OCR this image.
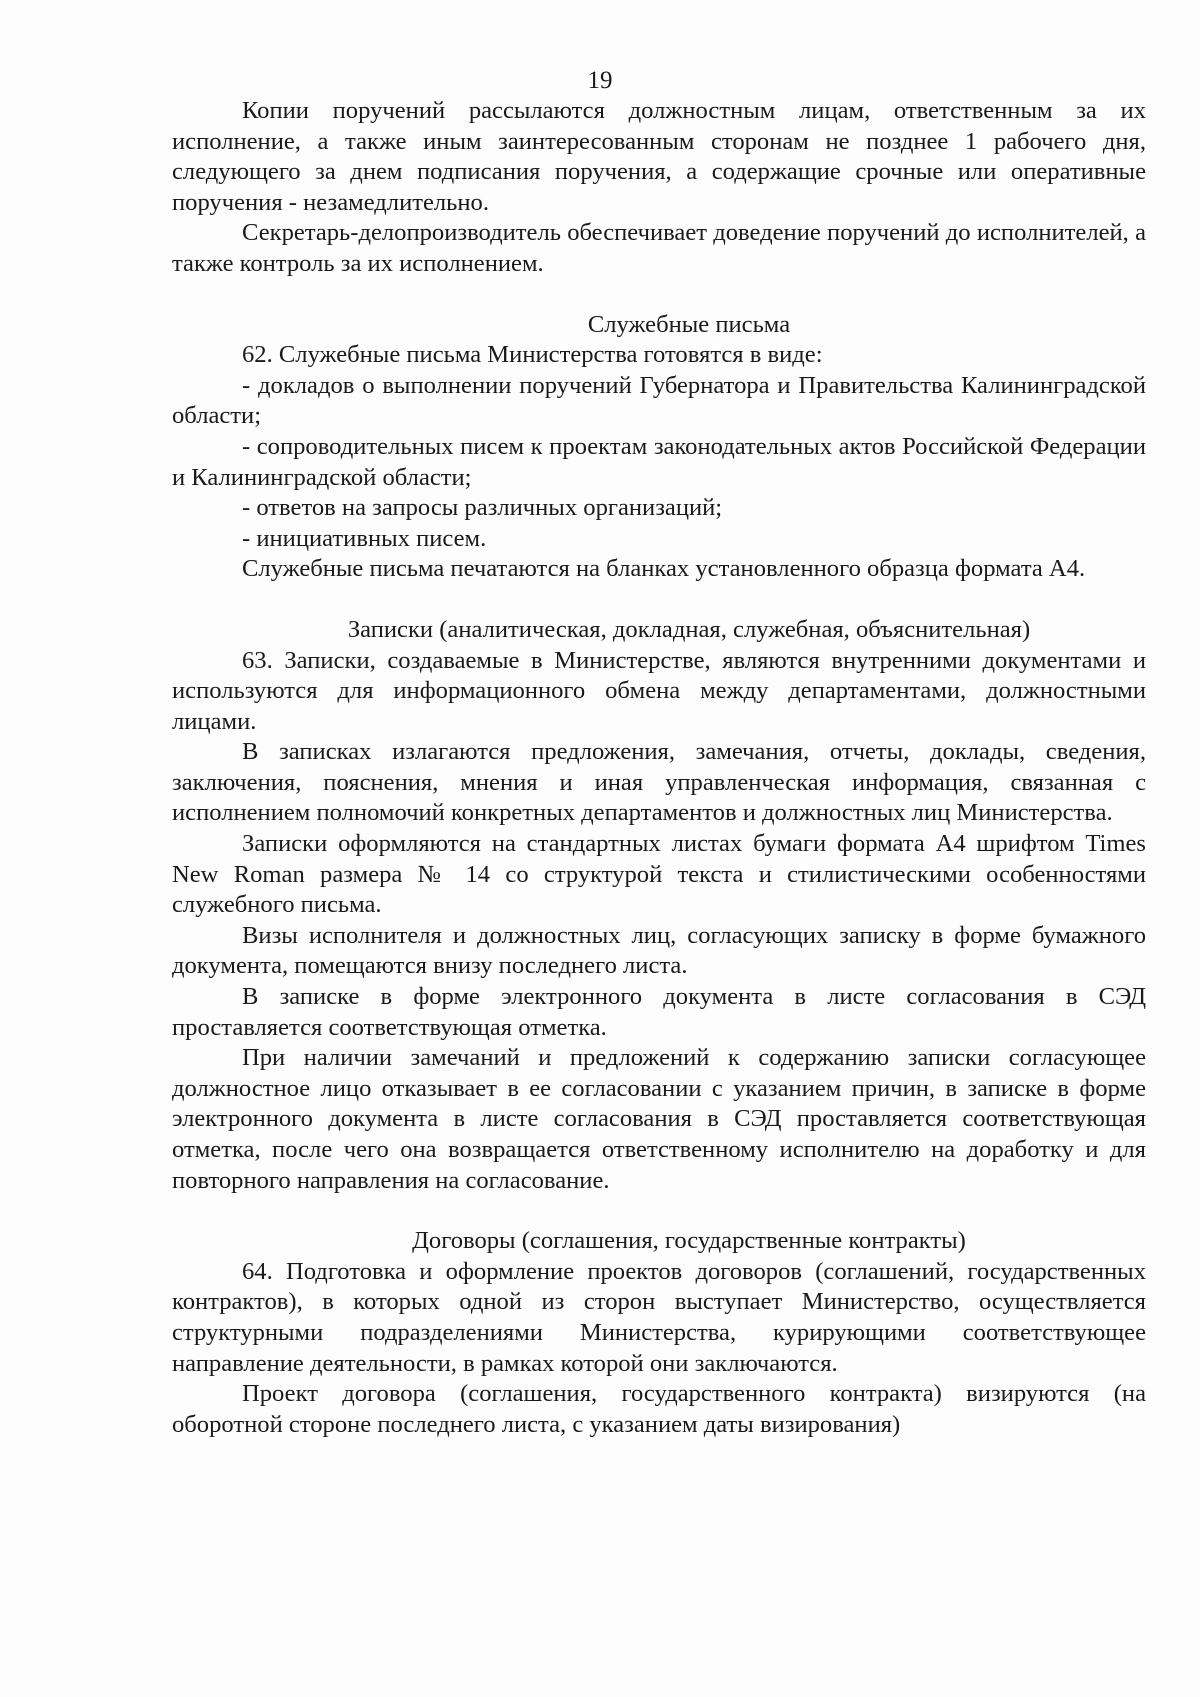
19

Копии поручений рассылаются должностным лицам, ответственным за их исполнение, а также иным заинтересованным сторонам не позднее 1 рабочего дня, следующего за днем подписания поручения, а содержащие срочные или оперативные поручения - незамедлительно.

Секретарь-делопроизводитель обеспечивает доведение поручений до исполнителей, а также контроль за их исполнением.

Служебные письма

62. Служебные письма Министерства готовятся в виде:

- докладов о выполнении поручений Губернатора и Правительства Калининградской области;

- сопроводительных писем к проектам законодательных актов Российской Федерации и Калининградской области;

- ответов на запросы различных организаций;

- инициативных писем.

Служебные письма печатаются на бланках установленного образца формата А4.

Записки (аналитическая, докладная, служебная, объяснительная)

63. Записки, создаваемые в Министерстве, являются внутренними документами и используются для информационного обмена между департаментами, должностными лицами.

В записках излагаются предложения, замечания, отчеты, доклады, сведения, заключения, пояснения, мнения и иная управленческая информация, связанная с исполнением полномочий конкретных департаментов и должностных лиц Министерства.

Записки оформляются на стандартных листах бумаги формата А4 шрифтом Times New Roman размера № 14 со структурой текста и стилистическими особенностями служебного письма.

Визы исполнителя и должностных лиц, согласующих записку в форме бумажного документа, помещаются внизу последнего листа.

В записке в форме электронного документа в листе согласования в СЭД проставляется соответствующая отметка.

При наличии замечаний и предложений к содержанию записки согласующее должностное лицо отказывает в ее согласовании с указанием причин, в записке в форме электронного документа в листе согласования в СЭД проставляется соответствующая отметка, после чего она возвращается ответственному исполнителю на доработку и для повторного направления на согласование.

Договоры (соглашения, государственные контракты)

64. Подготовка и оформление проектов договоров (соглашений, государственных контрактов), в которых одной из сторон выступает Министерство, осуществляется структурными подразделениями Министерства, курирующими соответствующее направление деятельности, в рамках которой они заключаются.

Проект договора (соглашения, государственного контракта) визируются (на оборотной стороне последнего листа, с указанием даты визирования)
